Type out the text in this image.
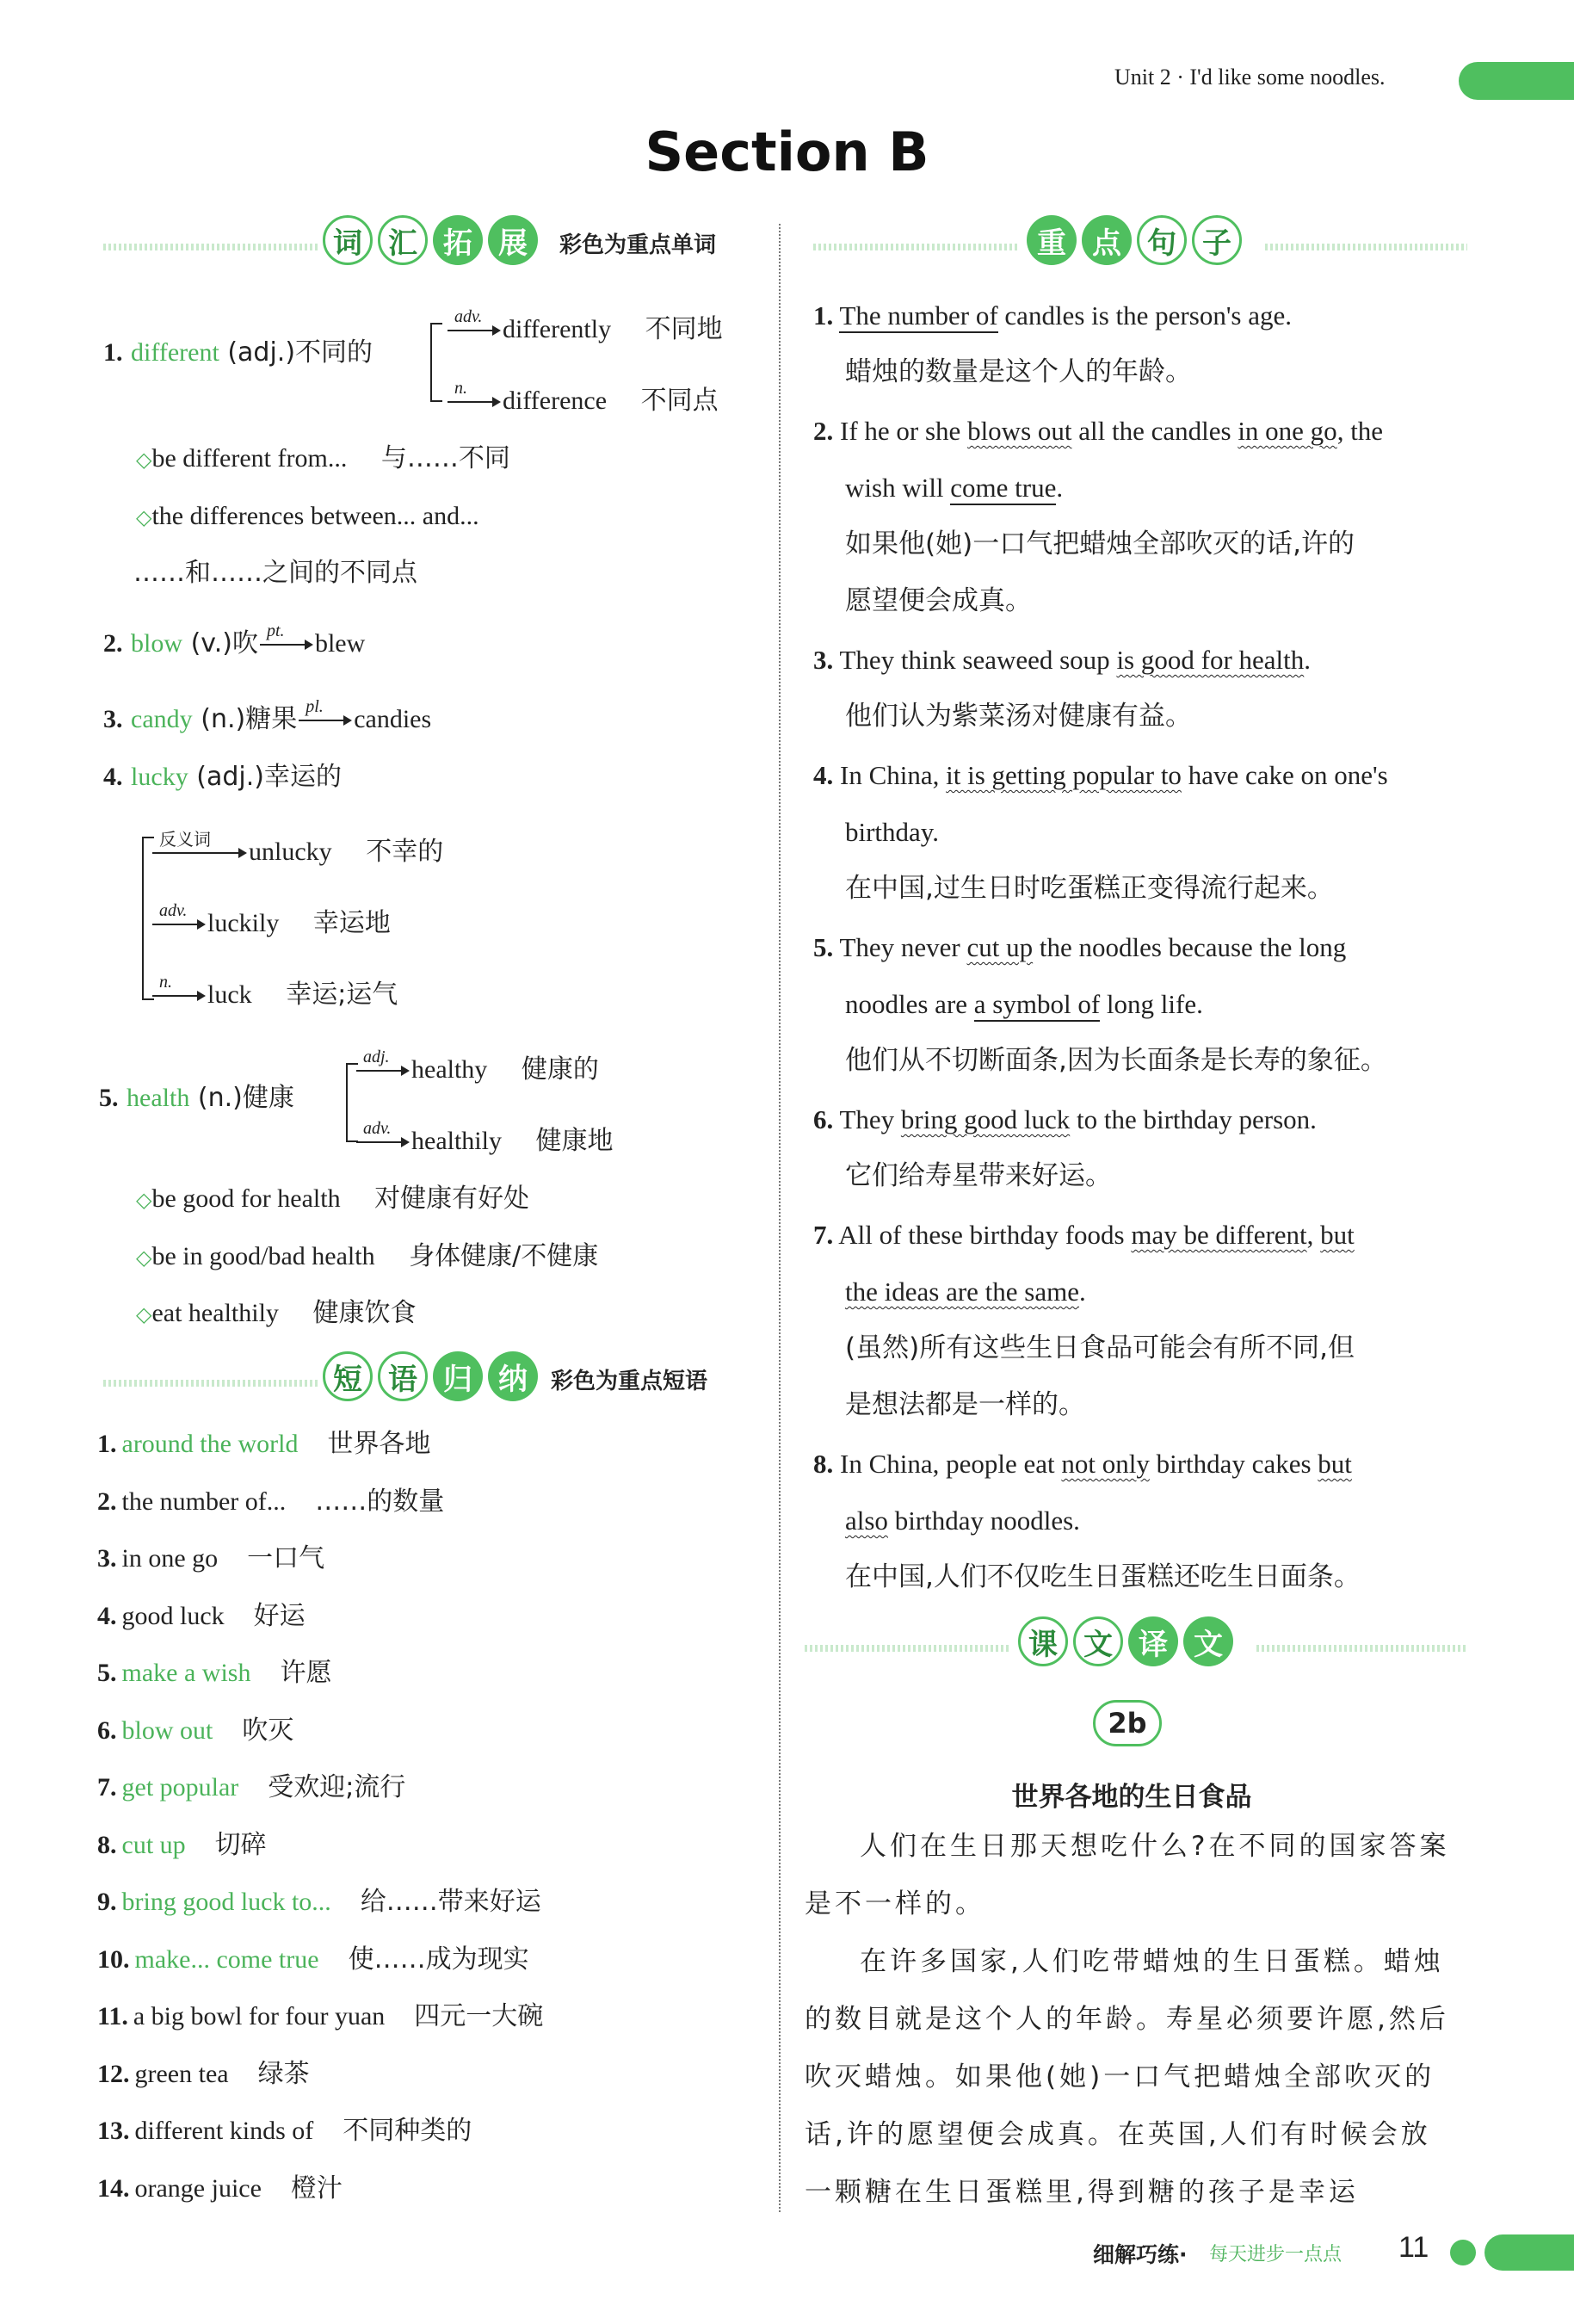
Unit 2 · I'd like some noodles.
Section B
词 汇 拓 展	彩色为重点单词
1. different (adj.)不同的
adv. differently 不同地
n. difference 不同点
◇be different from... 与……不同
◇the differences between... and...
……和……之间的不同点
2. blow (v.)吹 pt. blew
3. candy (n.)糖果 pl. candies
4. lucky (adj.)幸运的
反义词 unlucky 不幸的
adv. luckily 幸运地
n. luck 幸运;运气
5. health (n.)健康
adj. healthy 健康的
adv. healthily 健康地
◇be good for health 对健康有好处
◇be in good/bad health 身体健康/不健康
◇eat healthily 健康饮食
短 语 归 纳	彩色为重点短语
1. around the world 世界各地
2. the number of... ……的数量
3. in one go 一口气
4. good luck 好运
5. make a wish 许愿
6. blow out 吹灭
7. get popular 受欢迎;流行
8. cut up 切碎
9. bring good luck to... 给……带来好运
10. make... come true 使……成为现实
11. a big bowl for four yuan 四元一大碗
12. green tea 绿茶
13. different kinds of 不同种类的
14. orange juice 橙汁
重 点 句 子
1. The number of candles is the person's age.
蜡烛的数量是这个人的年龄。
2. If he or she blows out all the candles in one go, the
wish will come true.
如果他(她)一口气把蜡烛全部吹灭的话,许的
愿望便会成真。
3. They think seaweed soup is good for health.
他们认为紫菜汤对健康有益。
4. In China, it is getting popular to have cake on one's
birthday.
在中国,过生日时吃蛋糕正变得流行起来。
5. They never cut up the noodles because the long
noodles are a symbol of long life.
他们从不切断面条,因为长面条是长寿的象征。
6. They bring good luck to the birthday person.
它们给寿星带来好运。
7. All of these birthday foods may be different, but
the ideas are the same.
(虽然)所有这些生日食品可能会有所不同,但
是想法都是一样的。
8. In China, people eat not only birthday cakes but
also birthday noodles.
在中国,人们不仅吃生日蛋糕还吃生日面条。
课 文 译 文
2b
世界各地的生日食品
人们在生日那天想吃什么?在不同的国家答案是不一样的。
在许多国家,人们吃带蜡烛的生日蛋糕。蜡烛的数目就是这个人的年龄。寿星必须要许愿,然后吹灭蜡烛。如果他(她)一口气把蜡烛全部吹灭的话,许的愿望便会成真。在英国,人们有时候会放一颗糖在生日蛋糕里,得到糖的孩子是幸运
细解巧练· 每天进步一点点 11
